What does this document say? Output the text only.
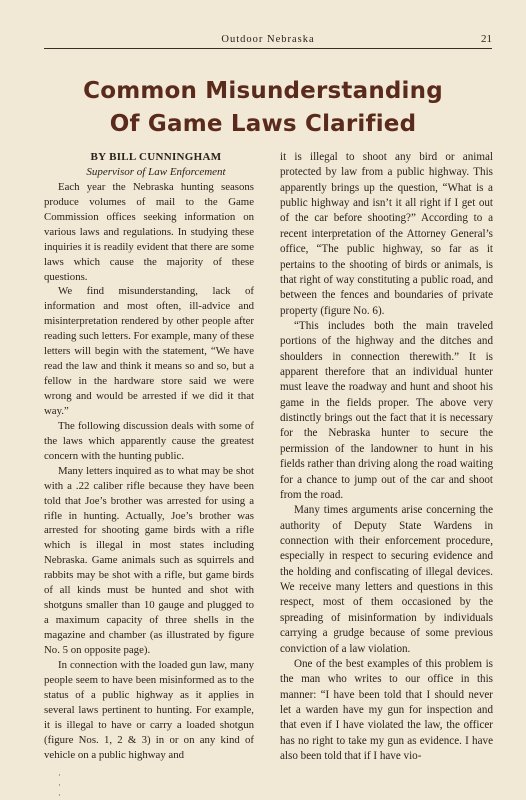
Outdoor Nebraska	21
Common Misunderstanding
Of Game Laws Clarified

BY BILL CUNNINGHAM

Supervisor of Law Enforcement

Each year the Nebraska hunting seasons produce volumes of mail to the Game Commission offices seeking information on various laws and regulations. In studying these inquiries it is readily evident that there are some laws which cause the majority of these questions.

We find misunderstanding, lack of information and most often, ill-advice and misinterpretation rendered by other people after reading such letters. For example, many of these letters will begin with the statement, “We have read the law and think it means so and so, but a fellow in the hardware store said we were wrong and would be arrested if we did it that way.”

The following discussion deals with some of the laws which apparently cause the greatest concern with the hunting public.

Many letters inquired as to what may be shot with a .22 caliber rifle because they have been told that Joe’s brother was arrested for using a rifle in hunting. Actually, Joe’s brother was arrested for shooting game birds with a rifle which is illegal in most states including Nebraska. Game animals such as squirrels and rabbits may be shot with a rifle, but game birds of all kinds must be hunted and shot with shotguns smaller than 10 gauge and plugged to a maximum capacity of three shells in the magazine and chamber (as illustrated by figure No. 5 on opposite page).

In connection with the loaded gun law, many people seem to have been misinformed as to the status of a public highway as it applies in several laws pertinent to hunting. For example, it is illegal to have or carry a loaded shotgun (figure Nos. 1, 2 & 3) in or on any kind of vehicle on a public highway and

it is illegal to shoot any bird or animal protected by law from a public highway. This apparently brings up the question, “What is a public highway and isn’t it all right if I get out of the car before shooting?” According to a recent interpretation of the Attorney General’s office, “The public highway, so far as it pertains to the shooting of birds or animals, is that right of way constituting a public road, and between the fences and boundaries of private property (figure No. 6).

“This includes both the main traveled portions of the highway and the ditches and shoulders in connection therewith.” It is apparent therefore that an individual hunter must leave the roadway and hunt and shoot his game in the fields proper. The above very distinctly brings out the fact that it is necessary for the Nebraska hunter to secure the permission of the landowner to hunt in his fields rather than driving along the road waiting for a chance to jump out of the car and shoot from the road.

Many times arguments arise concerning the authority of Deputy State Wardens in connection with their enforcement procedure, especially in respect to securing evidence and the holding and confiscating of illegal devices. We receive many letters and questions in this respect, most of them occasioned by the spreading of misinformation by individuals carrying a grudge because of some previous conviction of a law violation.

One of the best examples of this problem is the man who writes to our office in this manner: “I have been told that I should never let a warden have my gun for inspection and that even if I have violated the law, the officer has no right to take my gun as evidence. I have also been told that if I have vio-

·
·
·
